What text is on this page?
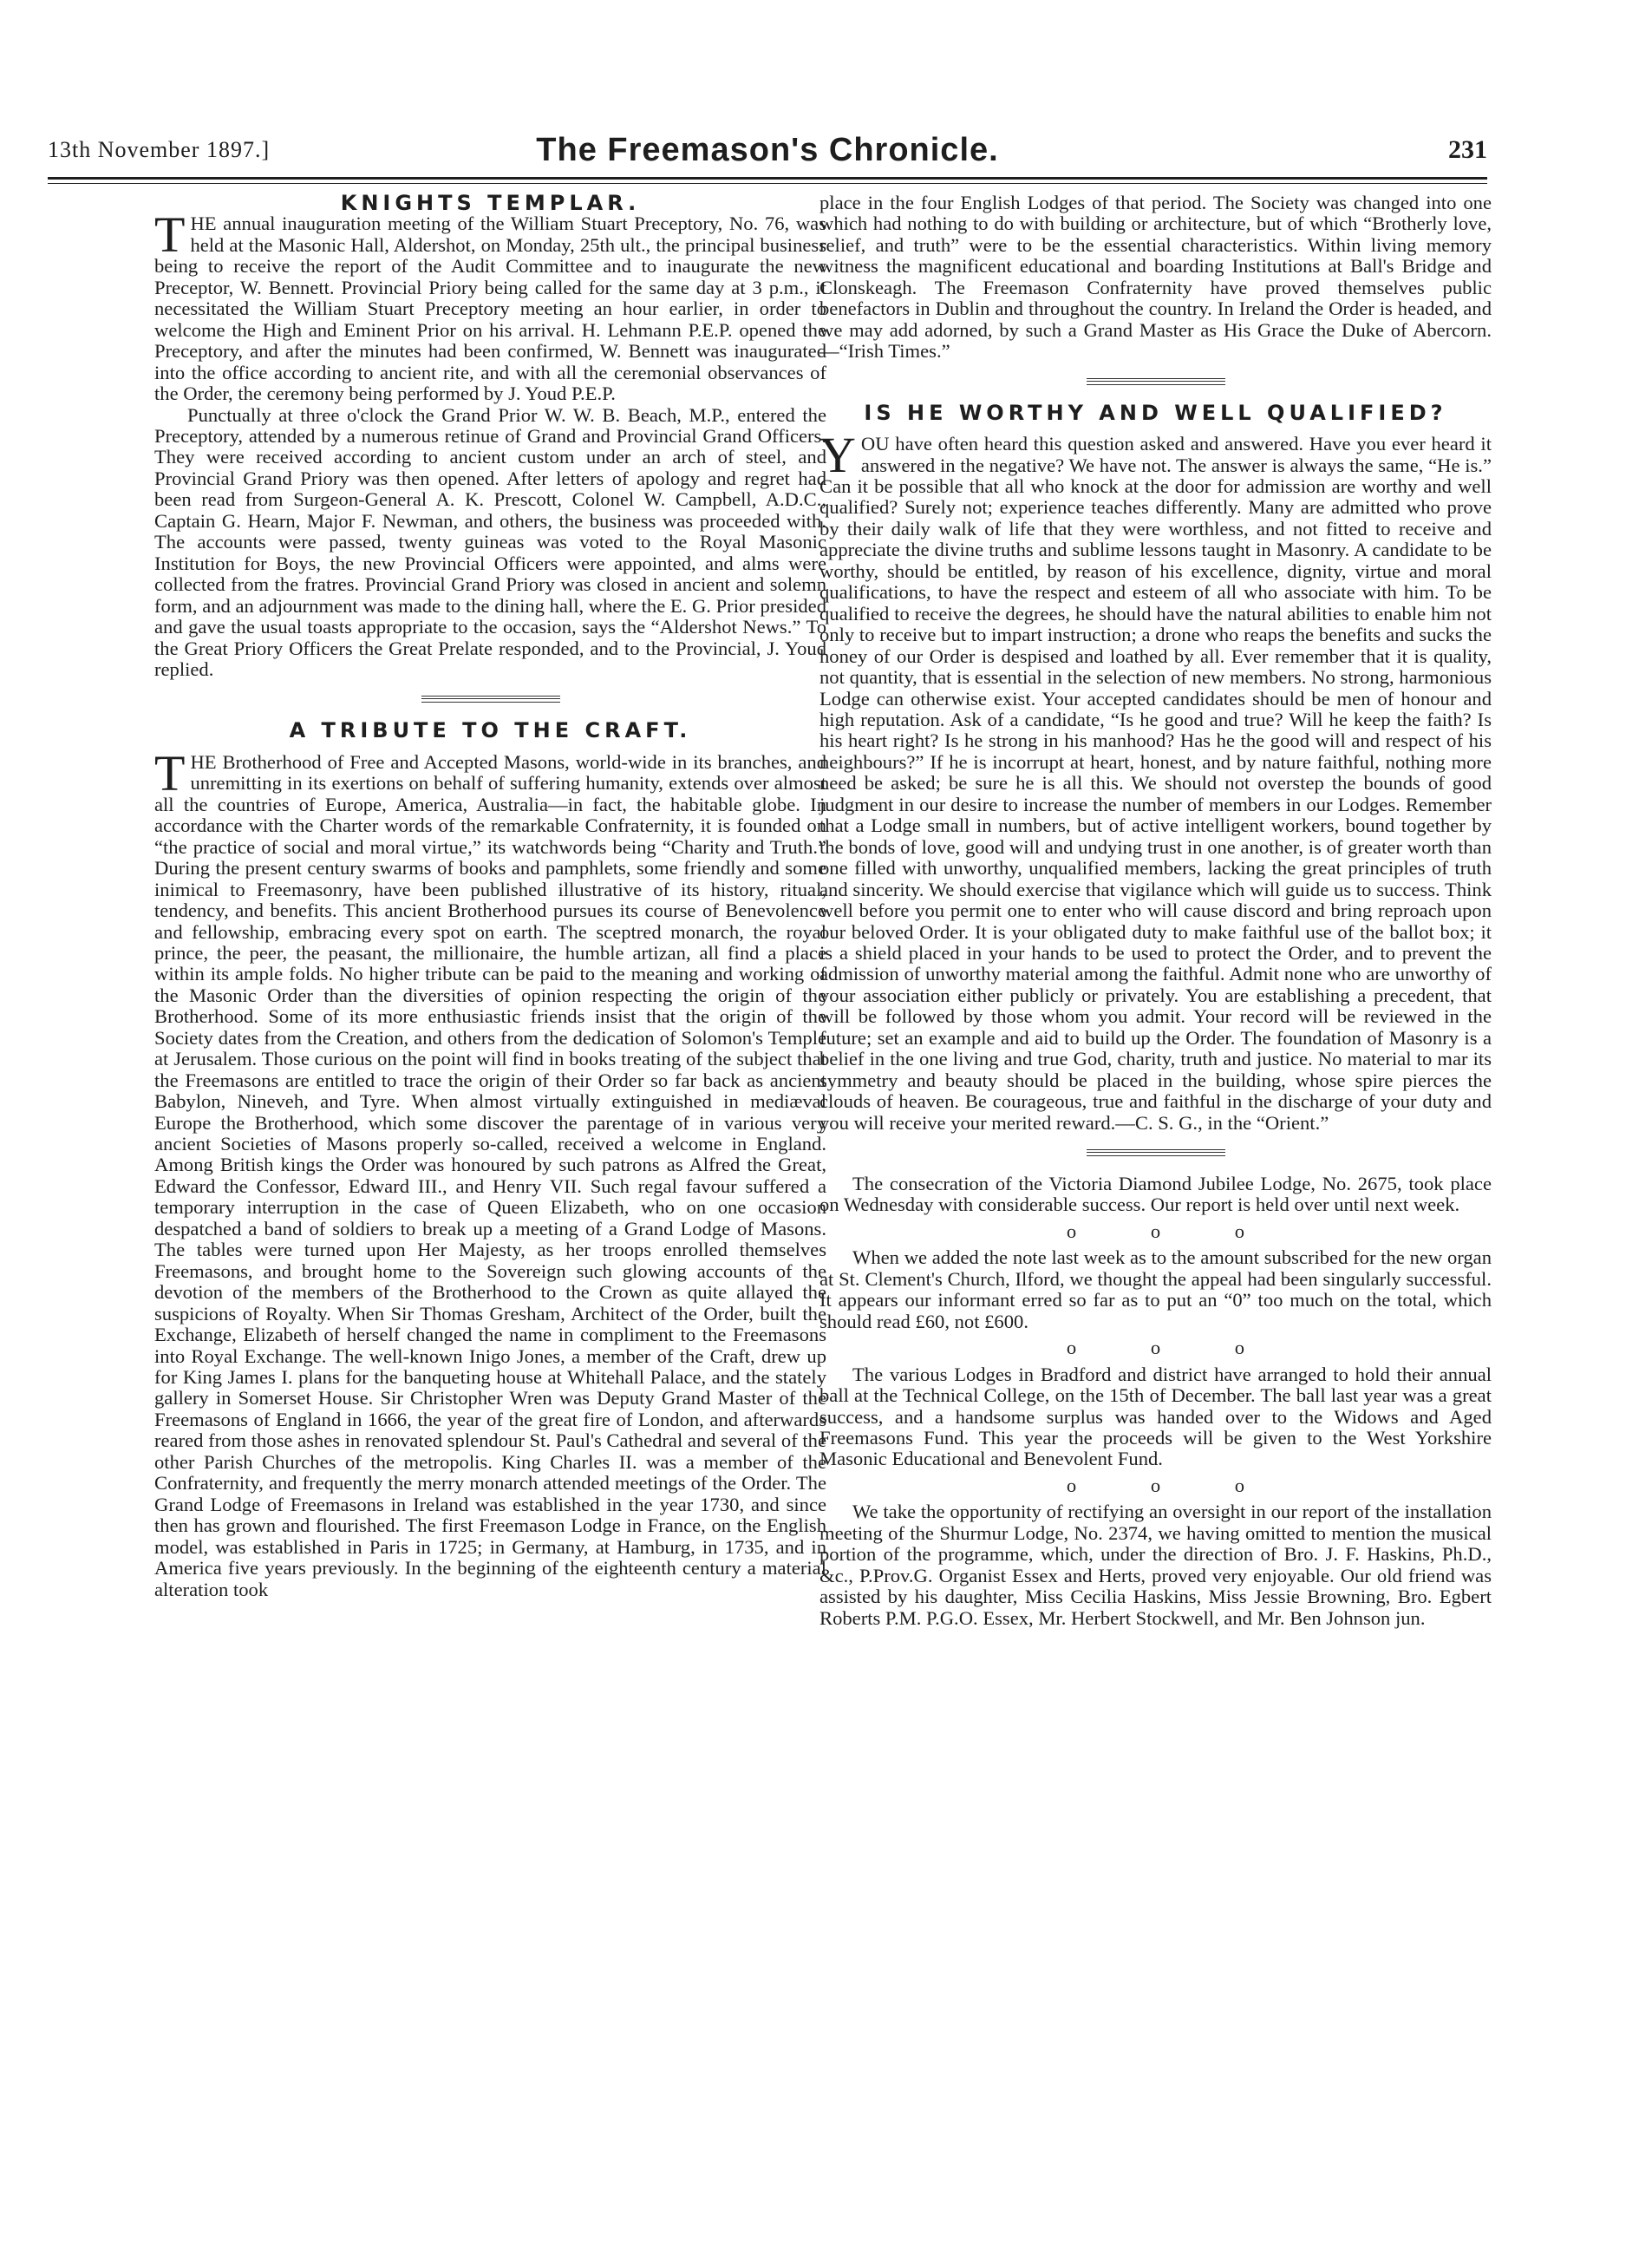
13th November 1897.]	The Freemason's Chronicle.	231
KNIGHTS TEMPLAR.

THE annual inauguration meeting of the William Stuart Preceptory, No. 76, was held at the Masonic Hall, Aldershot, on Monday, 25th ult., the principal business being to receive the report of the Audit Committee and to inaugurate the new Preceptor, W. Bennett. Provincial Priory being called for the same day at 3 p.m., it necessitated the William Stuart Preceptory meeting an hour earlier, in order to welcome the High and Eminent Prior on his arrival. H. Lehmann P.E.P. opened the Preceptory, and after the minutes had been confirmed, W. Bennett was inaugurated into the office according to ancient rite, and with all the ceremonial observances of the Order, the ceremony being performed by J. Youd P.E.P.

Punctually at three o'clock the Grand Prior W. W. B. Beach, M.P., entered the Preceptory, attended by a numerous retinue of Grand and Provincial Grand Officers. They were received according to ancient custom under an arch of steel, and Provincial Grand Priory was then opened. After letters of apology and regret had been read from Surgeon-General A. K. Prescott, Colonel W. Campbell, A.D.C., Captain G. Hearn, Major F. Newman, and others, the business was proceeded with. The accounts were passed, twenty guineas was voted to the Royal Masonic Institution for Boys, the new Provincial Officers were appointed, and alms were collected from the fratres. Provincial Grand Priory was closed in ancient and solemn form, and an adjournment was made to the dining hall, where the E. G. Prior presided and gave the usual toasts appropriate to the occasion, says the “Aldershot News.” To the Great Priory Officers the Great Prelate responded, and to the Provincial, J. Youd replied.

A TRIBUTE TO THE CRAFT.

THE Brotherhood of Free and Accepted Masons, world-wide in its branches, and unremitting in its exertions on behalf of suffering humanity, extends over almost all the countries of Europe, America, Australia—in fact, the habitable globe. In accordance with the Charter words of the remarkable Confraternity, it is founded on “the practice of social and moral virtue,” its watchwords being “Charity and Truth.” During the present century swarms of books and pamphlets, some friendly and some inimical to Freemasonry, have been published illustrative of its history, ritual, tendency, and benefits. This ancient Brotherhood pursues its course of Benevolence and fellowship, embracing every spot on earth. The sceptred monarch, the royal prince, the peer, the peasant, the millionaire, the humble artizan, all find a place within its ample folds. No higher tribute can be paid to the meaning and working of the Masonic Order than the diversities of opinion respecting the origin of the Brotherhood. Some of its more enthusiastic friends insist that the origin of the Society dates from the Creation, and others from the dedication of Solomon's Temple at Jerusalem. Those curious on the point will find in books treating of the subject that the Freemasons are entitled to trace the origin of their Order so far back as ancient Babylon, Nineveh, and Tyre. When almost virtually extinguished in mediæval Europe the Brotherhood, which some discover the parentage of in various very ancient Societies of Masons properly so-called, received a welcome in England. Among British kings the Order was honoured by such patrons as Alfred the Great, Edward the Confessor, Edward III., and Henry VII. Such regal favour suffered a temporary interruption in the case of Queen Elizabeth, who on one occasion despatched a band of soldiers to break up a meeting of a Grand Lodge of Masons. The tables were turned upon Her Majesty, as her troops enrolled themselves Freemasons, and brought home to the Sovereign such glowing accounts of the devotion of the members of the Brotherhood to the Crown as quite allayed the suspicions of Royalty. When Sir Thomas Gresham, Architect of the Order, built the Exchange, Elizabeth of herself changed the name in compliment to the Freemasons into Royal Exchange. The well-known Inigo Jones, a member of the Craft, drew up for King James I. plans for the banqueting house at Whitehall Palace, and the stately gallery in Somerset House. Sir Christopher Wren was Deputy Grand Master of the Freemasons of England in 1666, the year of the great fire of London, and afterwards reared from those ashes in renovated splendour St. Paul's Cathedral and several of the other Parish Churches of the metropolis. King Charles II. was a member of the Confraternity, and frequently the merry monarch attended meetings of the Order. The Grand Lodge of Freemasons in Ireland was established in the year 1730, and since then has grown and flourished. The first Freemason Lodge in France, on the English model, was established in Paris in 1725; in Germany, at Hamburg, in 1735, and in America five years previously. In the beginning of the eighteenth century a material alteration took

place in the four English Lodges of that period. The Society was changed into one which had nothing to do with building or architecture, but of which “Brotherly love, relief, and truth” were to be the essential characteristics. Within living memory witness the magnificent educational and boarding Institutions at Ball's Bridge and Clonskeagh. The Freemason Confraternity have proved themselves public benefactors in Dublin and throughout the country. In Ireland the Order is headed, and we may add adorned, by such a Grand Master as His Grace the Duke of Abercorn.—“Irish Times.”

IS HE WORTHY AND WELL QUALIFIED?

YOU have often heard this question asked and answered. Have you ever heard it answered in the negative? We have not. The answer is always the same, “He is.” Can it be possible that all who knock at the door for admission are worthy and well qualified? Surely not; experience teaches differently. Many are admitted who prove by their daily walk of life that they were worthless, and not fitted to receive and appreciate the divine truths and sublime lessons taught in Masonry. A candidate to be worthy, should be entitled, by reason of his excellence, dignity, virtue and moral qualifications, to have the respect and esteem of all who associate with him. To be qualified to receive the degrees, he should have the natural abilities to enable him not only to receive but to impart instruction; a drone who reaps the benefits and sucks the honey of our Order is despised and loathed by all. Ever remember that it is quality, not quantity, that is essential in the selection of new members. No strong, harmonious Lodge can otherwise exist. Your accepted candidates should be men of honour and high reputation. Ask of a candidate, “Is he good and true? Will he keep the faith? Is his heart right? Is he strong in his manhood? Has he the good will and respect of his neighbours?” If he is incorrupt at heart, honest, and by nature faithful, nothing more need be asked; be sure he is all this. We should not overstep the bounds of good judgment in our desire to increase the number of members in our Lodges. Remember that a Lodge small in numbers, but of active intelligent workers, bound together by the bonds of love, good will and undying trust in one another, is of greater worth than one filled with unworthy, unqualified members, lacking the great principles of truth and sincerity. We should exercise that vigilance which will guide us to success. Think well before you permit one to enter who will cause discord and bring reproach upon our beloved Order. It is your obligated duty to make faithful use of the ballot box; it is a shield placed in your hands to be used to protect the Order, and to prevent the admission of unworthy material among the faithful. Admit none who are unworthy of your association either publicly or privately. You are establishing a precedent, that will be followed by those whom you admit. Your record will be reviewed in the future; set an example and aid to build up the Order. The foundation of Masonry is a belief in the one living and true God, charity, truth and justice. No material to mar its symmetry and beauty should be placed in the building, whose spire pierces the clouds of heaven. Be courageous, true and faithful in the discharge of your duty and you will receive your merited reward.—C. S. G., in the “Orient.”

The consecration of the Victoria Diamond Jubilee Lodge, No. 2675, took place on Wednesday with considerable success. Our report is held over until next week.

o o o

When we added the note last week as to the amount subscribed for the new organ at St. Clement's Church, Ilford, we thought the appeal had been singularly successful. It appears our informant erred so far as to put an “0” too much on the total, which should read £60, not £600.

o o o

The various Lodges in Bradford and district have arranged to hold their annual ball at the Technical College, on the 15th of December. The ball last year was a great success, and a handsome surplus was handed over to the Widows and Aged Freemasons Fund. This year the proceeds will be given to the West Yorkshire Masonic Educational and Benevolent Fund.

o o o

We take the opportunity of rectifying an oversight in our report of the installation meeting of the Shurmur Lodge, No. 2374, we having omitted to mention the musical portion of the programme, which, under the direction of Bro. J. F. Haskins, Ph.D., &c., P.Prov.G. Organist Essex and Herts, proved very enjoyable. Our old friend was assisted by his daughter, Miss Cecilia Haskins, Miss Jessie Browning, Bro. Egbert Roberts P.M. P.G.O. Essex, Mr. Herbert Stockwell, and Mr. Ben Johnson jun.
